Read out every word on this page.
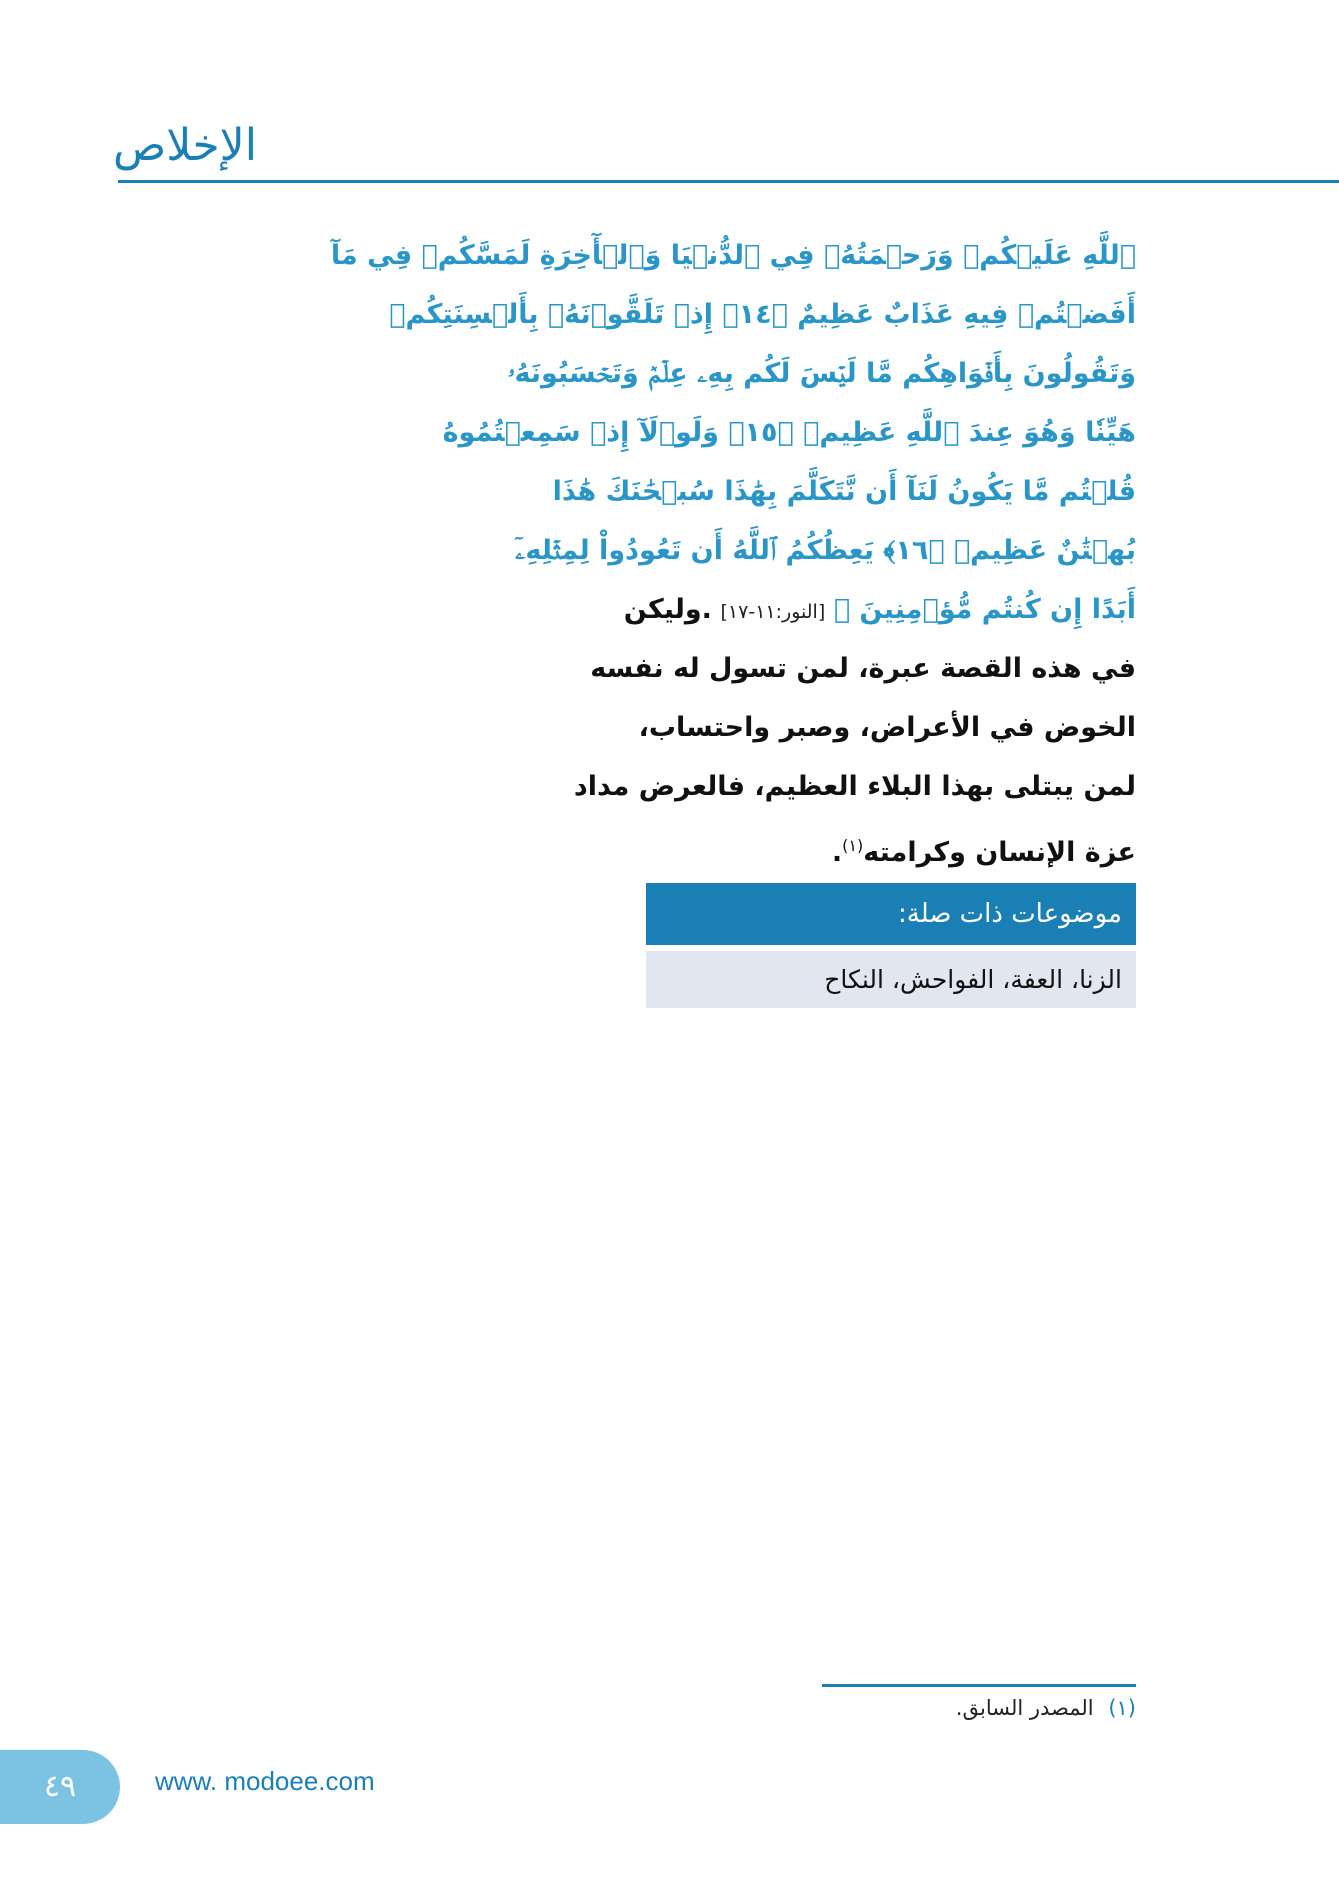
الإخلاص
ٱللَّهِ عَلَيۡكُمۡ وَرَحۡمَتُهُۥ فِي ٱلدُّنۡيَا وَٱلۡأٓخِرَةِ لَمَسَّكُمۡ فِي مَآ
أَفَضۡتُمۡ فِيهِ عَذَابٌ عَظِيمٌ ﴿١٤﴾ إِذۡ تَلَقَّوۡنَهُۥ بِأَلۡسِنَتِكُمۡ
وَتَقُولُونَ بِأَفۡوَاهِكُم مَّا لَيۡسَ لَكُم بِهِۦ عِلۡمٞ وَتَحۡسَبُونَهُۥ
هَيِّنٗا وَهُوَ عِندَ ٱللَّهِ عَظِيمٞ ﴿١٥﴾ وَلَوۡلَآ إِذۡ سَمِعۡتُمُوهُ
قُلۡتُم مَّا يَكُونُ لَنَآ أَن نَّتَكَلَّمَ بِهَٰذَا سُبۡحَٰنَكَ هَٰذَا
بُهۡتَٰنٌ عَظِيمٞ ﴿١٦﴾ يَعِظُكُمُ ٱللَّهُ أَن تَعُودُواْ لِمِثۡلِهِۦٓ
أَبَدًا إِن كُنتُم مُّؤۡمِنِينَ ﴾ [النور:١١-١٧] .وليكن
في هذه القصة عبرة، لمن تسول له نفسه
الخوض في الأعراض، وصبر واحتساب،
لمن يبتلى بهذا البلاء العظيم، فالعرض مداد
عزة الإنسان وكرامته$^{(١)}$.
موضوعات ذات صلة:
الزنا، العفة، الفواحش، النكاح
(١) المصدر السابق.
٤٩	www. modoee.com
